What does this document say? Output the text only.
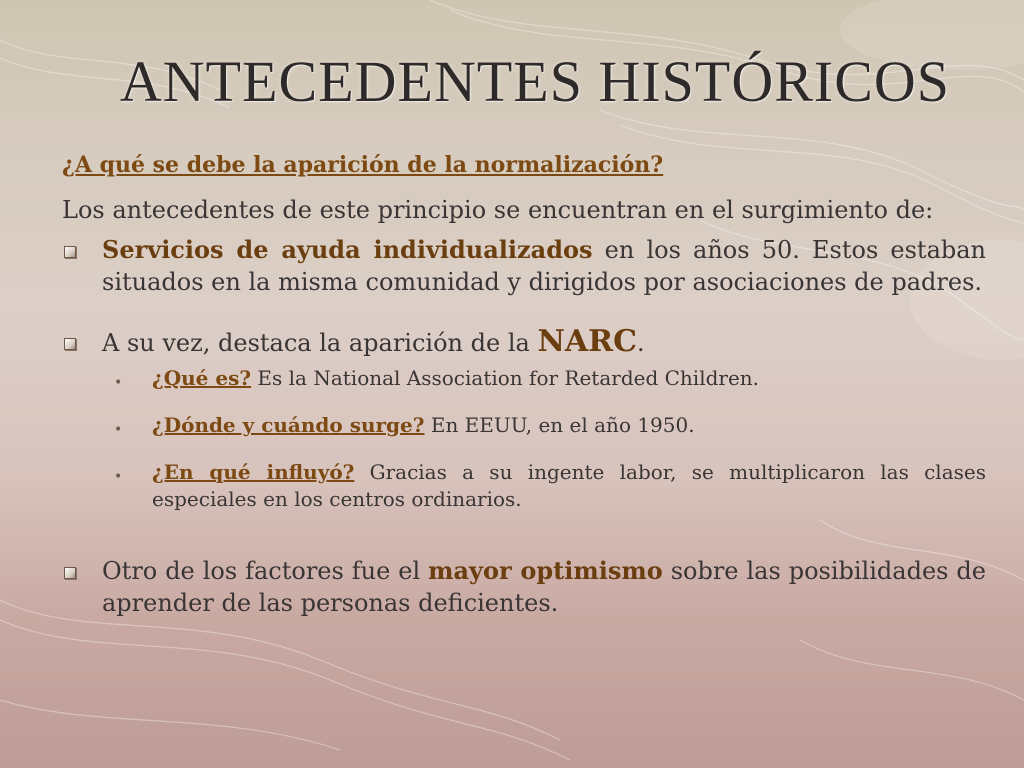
ANTECEDENTES HISTÓRICOS

¿A qué se debe la aparición de la normalización?

Los antecedentes de este principio se encuentran en el surgimiento de:

Servicios de ayuda individualizados en los años 50. Estos estaban situados en la misma comunidad y dirigidos por asociaciones de padres.
A su vez, destaca la aparición de la NARC.
• ¿Qué es? Es la National Association for Retarded Children.
• ¿Dónde y cuándo surge? En EEUU, en el año 1950.
• ¿En qué influyó? Gracias a su ingente labor, se multiplicaron las clases especiales en los centros ordinarios.
Otro de los factores fue el mayor optimismo sobre las posibilidades de aprender de las personas deficientes.
